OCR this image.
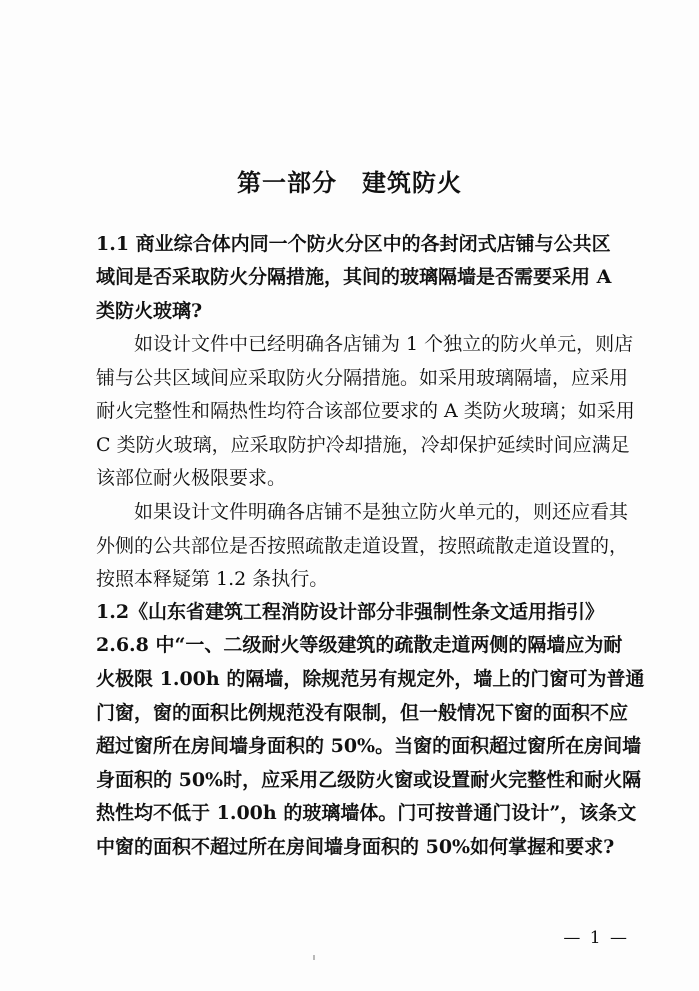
第一部分　建筑防火
1.1 商业综合体内同一个防火分区中的各封闭式店铺与公共区
域间是否采取防火分隔措施，其间的玻璃隔墙是否需要采用 A
类防火玻璃?
如设计文件中已经明确各店铺为 1 个独立的防火单元，则店
铺与公共区域间应采取防火分隔措施。如采用玻璃隔墙，应采用
耐火完整性和隔热性均符合该部位要求的 A 类防火玻璃；如采用
C 类防火玻璃，应采取防护冷却措施，冷却保护延续时间应满足
该部位耐火极限要求。
如果设计文件明确各店铺不是独立防火单元的，则还应看其
外侧的公共部位是否按照疏散走道设置，按照疏散走道设置的，
按照本释疑第 1.2 条执行。
1.2《山东省建筑工程消防设计部分非强制性条文适用指引》
2.6.8 中“一、二级耐火等级建筑的疏散走道两侧的隔墙应为耐
火极限 1.00h 的隔墙，除规范另有规定外，墙上的门窗可为普通
门窗，窗的面积比例规范没有限制，但一般情况下窗的面积不应
超过窗所在房间墙身面积的 50%。当窗的面积超过窗所在房间墙
身面积的 50%时，应采用乙级防火窗或设置耐火完整性和耐火隔
热性均不低于 1.00h 的玻璃墙体。门可按普通门设计”，该条文
中窗的面积不超过所在房间墙身面积的 50%如何掌握和要求?
— 1 —
